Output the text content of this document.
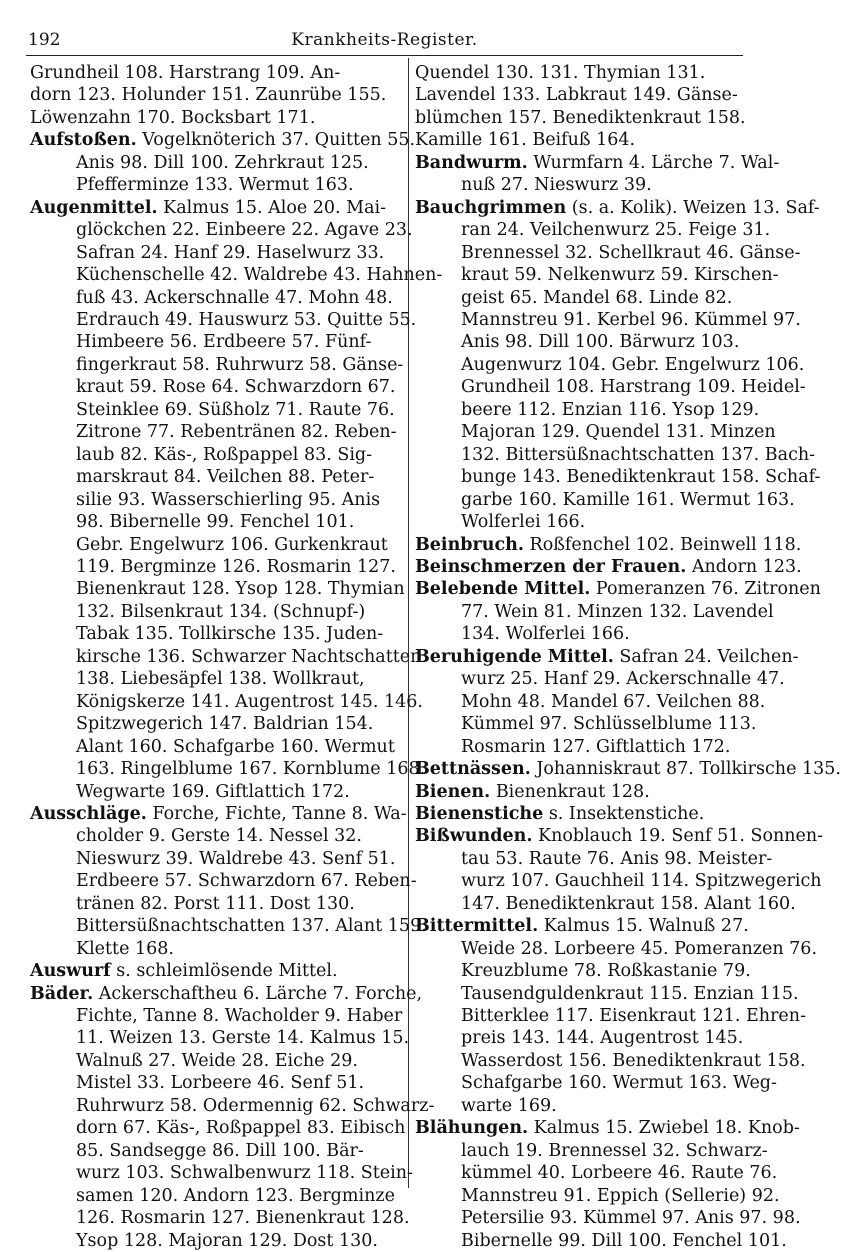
192	Krankheits-Register.
Grundheil 108. Harstrang 109. An-
dorn 123. Holunder 151. Zaunrübe 155.
Löwenzahn 170. Bocksbart 171.
Aufstoßen. Vogelknöterich 37. Quitten 55.
Anis 98. Dill 100. Zehrkraut 125.
Pfefferminze 133. Wermut 163.
Augenmittel. Kalmus 15. Aloe 20. Mai-
glöckchen 22. Einbeere 22. Agave 23.
Safran 24. Hanf 29. Haselwurz 33.
Küchenschelle 42. Waldrebe 43. Hahnen-
fuß 43. Ackerschnalle 47. Mohn 48.
Erdrauch 49. Hauswurz 53. Quitte 55.
Himbeere 56. Erdbeere 57. Fünf-
fingerkraut 58. Ruhrwurz 58. Gänse-
kraut 59. Rose 64. Schwarzdorn 67.
Steinklee 69. Süßholz 71. Raute 76.
Zitrone 77. Rebentränen 82. Reben-
laub 82. Käs-, Roßpappel 83. Sig-
marskraut 84. Veilchen 88. Peter-
silie 93. Wasserschierling 95. Anis
98. Bibernelle 99. Fenchel 101.
Gebr. Engelwurz 106. Gurkenkraut
119. Bergminze 126. Rosmarin 127.
Bienenkraut 128. Ysop 128. Thymian
132. Bilsenkraut 134. (Schnupf-)
Tabak 135. Tollkirsche 135. Juden-
kirsche 136. Schwarzer Nachtschatten
138. Liebesäpfel 138. Wollkraut,
Königskerze 141. Augentrost 145. 146.
Spitzwegerich 147. Baldrian 154.
Alant 160. Schafgarbe 160. Wermut
163. Ringelblume 167. Kornblume 168.
Wegwarte 169. Giftlattich 172.
Ausschläge. Forche, Fichte, Tanne 8. Wa-
cholder 9. Gerste 14. Nessel 32.
Nieswurz 39. Waldrebe 43. Senf 51.
Erdbeere 57. Schwarzdorn 67. Reben-
tränen 82. Porst 111. Dost 130.
Bittersüßnachtschatten 137. Alant 159.
Klette 168.
Auswurf s. schleimlösende Mittel.
Bäder. Ackerschaftheu 6. Lärche 7. Forche,
Fichte, Tanne 8. Wacholder 9. Haber
11. Weizen 13. Gerste 14. Kalmus 15.
Walnuß 27. Weide 28. Eiche 29.
Mistel 33. Lorbeere 46. Senf 51.
Ruhrwurz 58. Odermennig 62. Schwarz-
dorn 67. Käs-, Roßpappel 83. Eibisch
85. Sandsegge 86. Dill 100. Bär-
wurz 103. Schwalbenwurz 118. Stein-
samen 120. Andorn 123. Bergminze
126. Rosmarin 127. Bienenkraut 128.
Ysop 128. Majoran 129. Dost 130.
Quendel 130. 131. Thymian 131.
Lavendel 133. Labkraut 149. Gänse-
blümchen 157. Benediktenkraut 158.
Kamille 161. Beifuß 164.
Bandwurm. Wurmfarn 4. Lärche 7. Wal-
nuß 27. Nieswurz 39.
Bauchgrimmen (s. a. Kolik). Weizen 13. Saf-
ran 24. Veilchenwurz 25. Feige 31.
Brennessel 32. Schellkraut 46. Gänse-
kraut 59. Nelkenwurz 59. Kirschen-
geist 65. Mandel 68. Linde 82.
Mannstreu 91. Kerbel 96. Kümmel 97.
Anis 98. Dill 100. Bärwurz 103.
Augenwurz 104. Gebr. Engelwurz 106.
Grundheil 108. Harstrang 109. Heidel-
beere 112. Enzian 116. Ysop 129.
Majoran 129. Quendel 131. Minzen
132. Bittersüßnachtschatten 137. Bach-
bunge 143. Benediktenkraut 158. Schaf-
garbe 160. Kamille 161. Wermut 163.
Wolferlei 166.
Beinbruch. Roßfenchel 102. Beinwell 118.
Beinschmerzen der Frauen. Andorn 123.
Belebende Mittel. Pomeranzen 76. Zitronen
77. Wein 81. Minzen 132. Lavendel
134. Wolferlei 166.
Beruhigende Mittel. Safran 24. Veilchen-
wurz 25. Hanf 29. Ackerschnalle 47.
Mohn 48. Mandel 67. Veilchen 88.
Kümmel 97. Schlüsselblume 113.
Rosmarin 127. Giftlattich 172.
Bettnässen. Johanniskraut 87. Tollkirsche 135.
Bienen. Bienenkraut 128.
Bienenstiche s. Insektenstiche.
Bißwunden. Knoblauch 19. Senf 51. Sonnen-
tau 53. Raute 76. Anis 98. Meister-
wurz 107. Gauchheil 114. Spitzwegerich
147. Benediktenkraut 158. Alant 160.
Bittermittel. Kalmus 15. Walnuß 27.
Weide 28. Lorbeere 45. Pomeranzen 76.
Kreuzblume 78. Roßkastanie 79.
Tausendguldenkraut 115. Enzian 115.
Bitterklee 117. Eisenkraut 121. Ehren-
preis 143. 144. Augentrost 145.
Wasserdost 156. Benediktenkraut 158.
Schafgarbe 160. Wermut 163. Weg-
warte 169.
Blähungen. Kalmus 15. Zwiebel 18. Knob-
lauch 19. Brennessel 32. Schwarz-
kümmel 40. Lorbeere 46. Raute 76.
Mannstreu 91. Eppich (Sellerie) 92.
Petersilie 93. Kümmel 97. Anis 97. 98.
Bibernelle 99. Dill 100. Fenchel 101.
